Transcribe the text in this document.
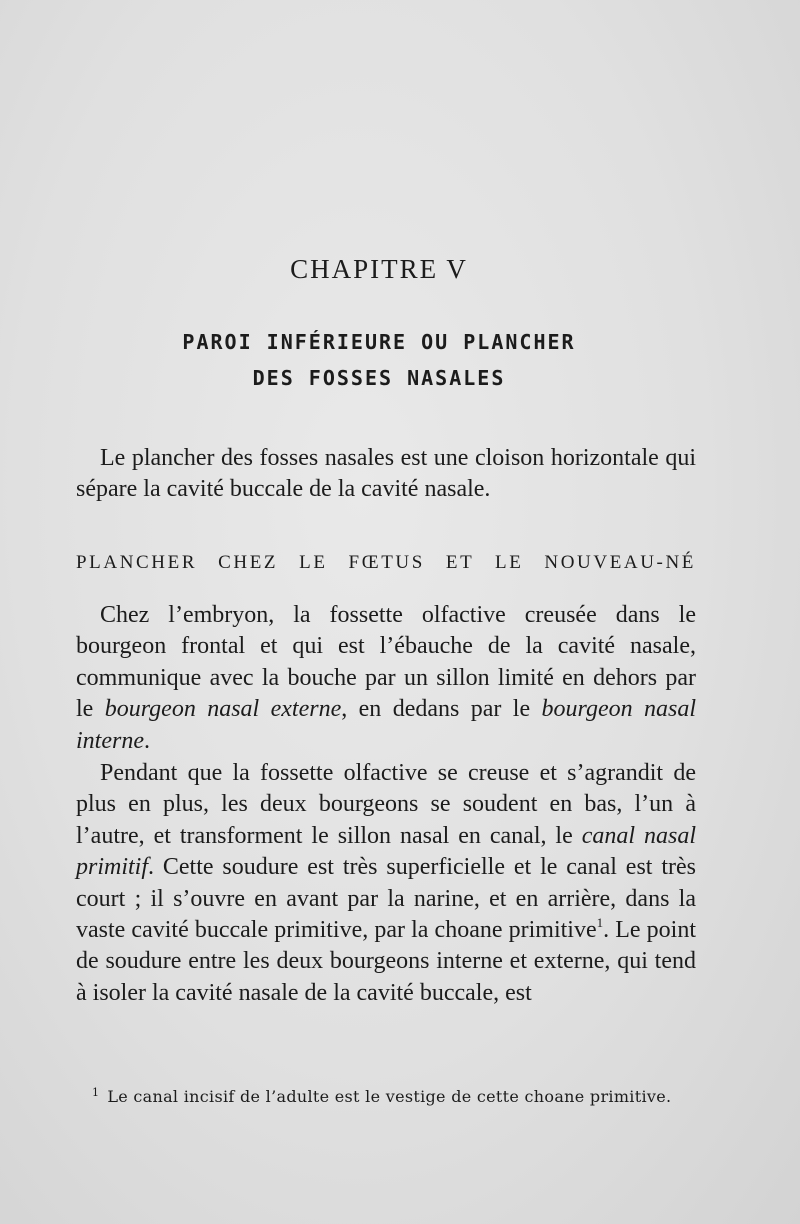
CHAPITRE V
PAROI INFÉRIEURE OU PLANCHER
DES FOSSES NASALES

Le plancher des fosses nasales est une cloison horizontale qui sépare la cavité buccale de la cavité nasale.

PLANCHER CHEZ LE FŒTUS ET LE NOUVEAU-NÉ

Chez l’embryon, la fossette olfactive creusée dans le bourgeon frontal et qui est l’ébauche de la cavité nasale, communique avec la bouche par un sillon limité en dehors par le bourgeon nasal externe, en dedans par le bourgeon nasal interne.

Pendant que la fossette olfactive se creuse et s’agrandit de plus en plus, les deux bourgeons se soudent en bas, l’un à l’autre, et transforment le sillon nasal en canal, le canal nasal primitif. Cette soudure est très superficielle et le canal est très court ; il s’ouvre en avant par la narine, et en arrière, dans la vaste cavité buccale primitive, par la choane primitive$^1$. Le point de soudure entre les deux bourgeons interne et externe, qui tend à isoler la cavité nasale de la cavité buccale, est

$^1$ Le canal incisif de l’adulte est le vestige de cette choane primitive.
